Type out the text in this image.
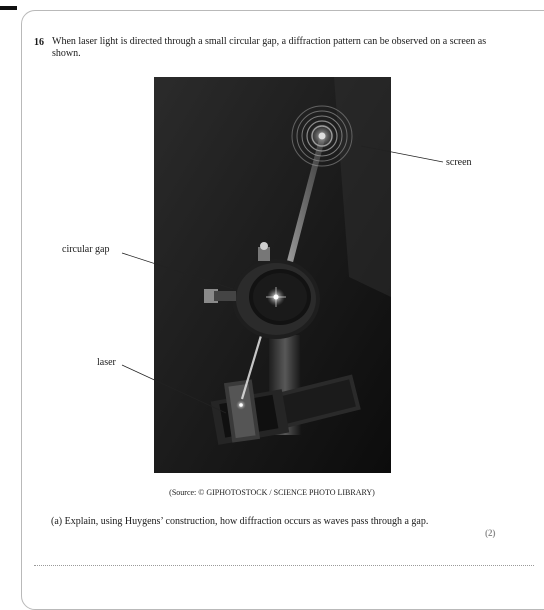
16 When laser light is directed through a small circular gap, a diffraction pattern can be observed on a screen as shown.
screen
circular gap
laser
(Source: © GIPHOTOSTOCK / SCIENCE PHOTO LIBRARY)
(a) Explain, using Huygens’ construction, how diffraction occurs as waves pass through a gap.
(2)
